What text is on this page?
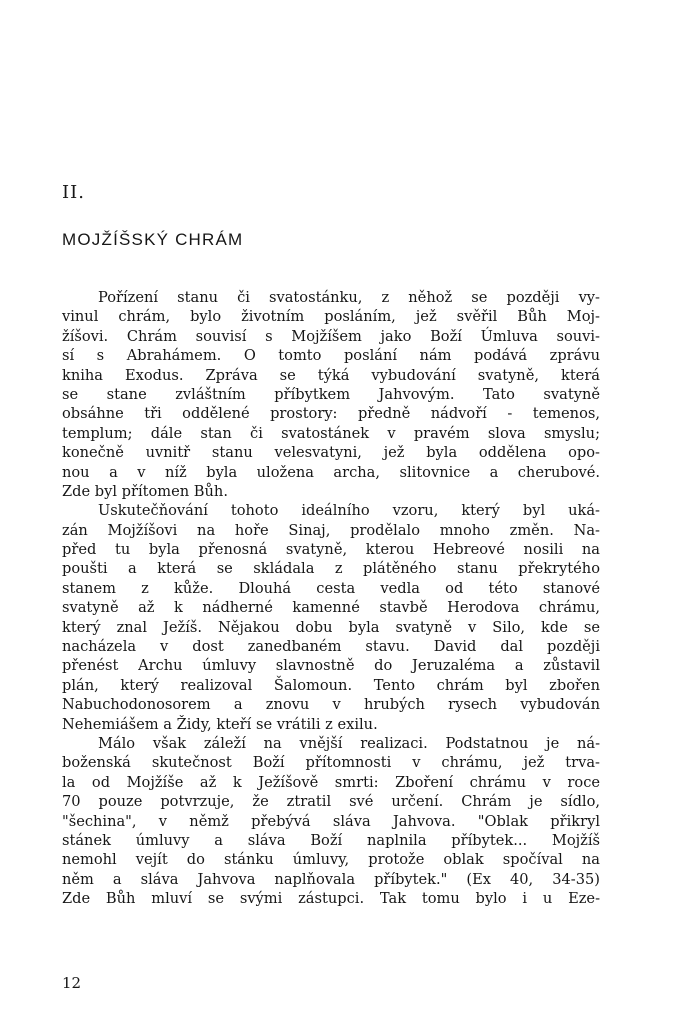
II.
MOJŽÍŠSKÝ CHRÁM
Pořízení stanu či svatostánku, z něhož se později vy-
vinul chrám, bylo životním posláním, jež svěřil Bůh Moj-
žíšovi. Chrám souvisí s Mojžíšem jako Boží Úmluva souvi-
sí s Abrahámem. O tomto poslání nám podává zprávu
kniha Exodus. Zpráva se týká vybudování svatyně, která
se stane zvláštním příbytkem Jahvovým. Tato svatyně
obsáhne tři oddělené prostory: předně nádvoří - temenos,
templum; dále stan či svatostánek v pravém slova smyslu;
konečně uvnitř stanu velesvatyni, jež byla oddělena opo-
nou a v níž byla uložena archa, slitovnice a cherubové.
Zde byl přítomen Bůh.
Uskutečňování tohoto ideálního vzoru, který byl uká-
zán Mojžíšovi na hoře Sinaj, prodělalo mnoho změn. Na-
před tu byla přenosná svatyně, kterou Hebreové nosili na
poušti a která se skládala z plátěného stanu překrytého
stanem z kůže. Dlouhá cesta vedla od této stanové
svatyně až k nádherné kamenné stavbě Herodova chrámu,
který znal Ježíš. Nějakou dobu byla svatyně v Silo, kde se
nacházela v dost zanedbaném stavu. David dal později
přenést Archu úmluvy slavnostně do Jeruzaléma a zůstavil
plán, který realizoval Šalomoun. Tento chrám byl zbořen
Nabuchodonosorem a znovu v hrubých rysech vybudován
Nehemiášem a Židy, kteří se vrátili z exilu.
Málo však záleží na vnější realizaci. Podstatnou je ná-
boženská skutečnost Boží přítomnosti v chrámu, jež trva-
la od Mojžíše až k Ježíšově smrti: Zboření chrámu v roce
70 pouze potvrzuje, že ztratil své určení. Chrám je sídlo,
"šechina", v němž přebývá sláva Jahvova. "Oblak přikryl
stánek úmluvy a sláva Boží naplnila příbytek... Mojžíš
nemohl vejít do stánku úmluvy, protože oblak spočíval na
něm a sláva Jahvova naplňovala příbytek." (Ex 40, 34-35)
Zde Bůh mluví se svými zástupci. Tak tomu bylo i u Eze-
12
